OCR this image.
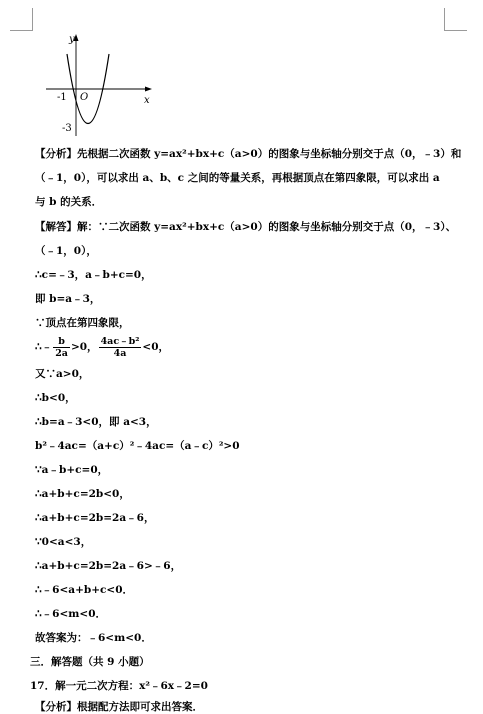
y
x
O
-1
-3
【分析】先根据二次函数 y=ax²+bx+c（a>0）的图象与坐标轴分别交于点（0，﹣3）和
（﹣1，0），可以求出 a、b、c 之间的等量关系，再根据顶点在第四象限，可以求出 a
与 b 的关系．
【解答】解：∵二次函数 y=ax²+bx+c（a>0）的图象与坐标轴分别交于点（0，﹣3）、
（﹣1，0），
∴c=﹣3，a﹣b+c=0，
即 b=a﹣3，
∵顶点在第四象限，
∴﹣ $\frac{b}{2a} >0$， $\frac{\text{4ac﹣b²}}{4a} <0$，
又∵a>0，
∴b<0，
∴b=a﹣3<0，即 a<3，
b²﹣4ac=（a+c）²﹣4ac=（a﹣c）²>0
∵a﹣b+c=0，
∴a+b+c=2b<0，
∴a+b+c=2b=2a﹣6，
∵0<a<3，
∴a+b+c=2b=2a﹣6>﹣6，
∴﹣6<a+b+c<0．
∴﹣6<m<0．
故答案为：﹣6<m<0．
三．解答题（共 9 小题）
17．解一元二次方程：x²﹣6x﹣2=0
【分析】根据配方法即可求出答案．
